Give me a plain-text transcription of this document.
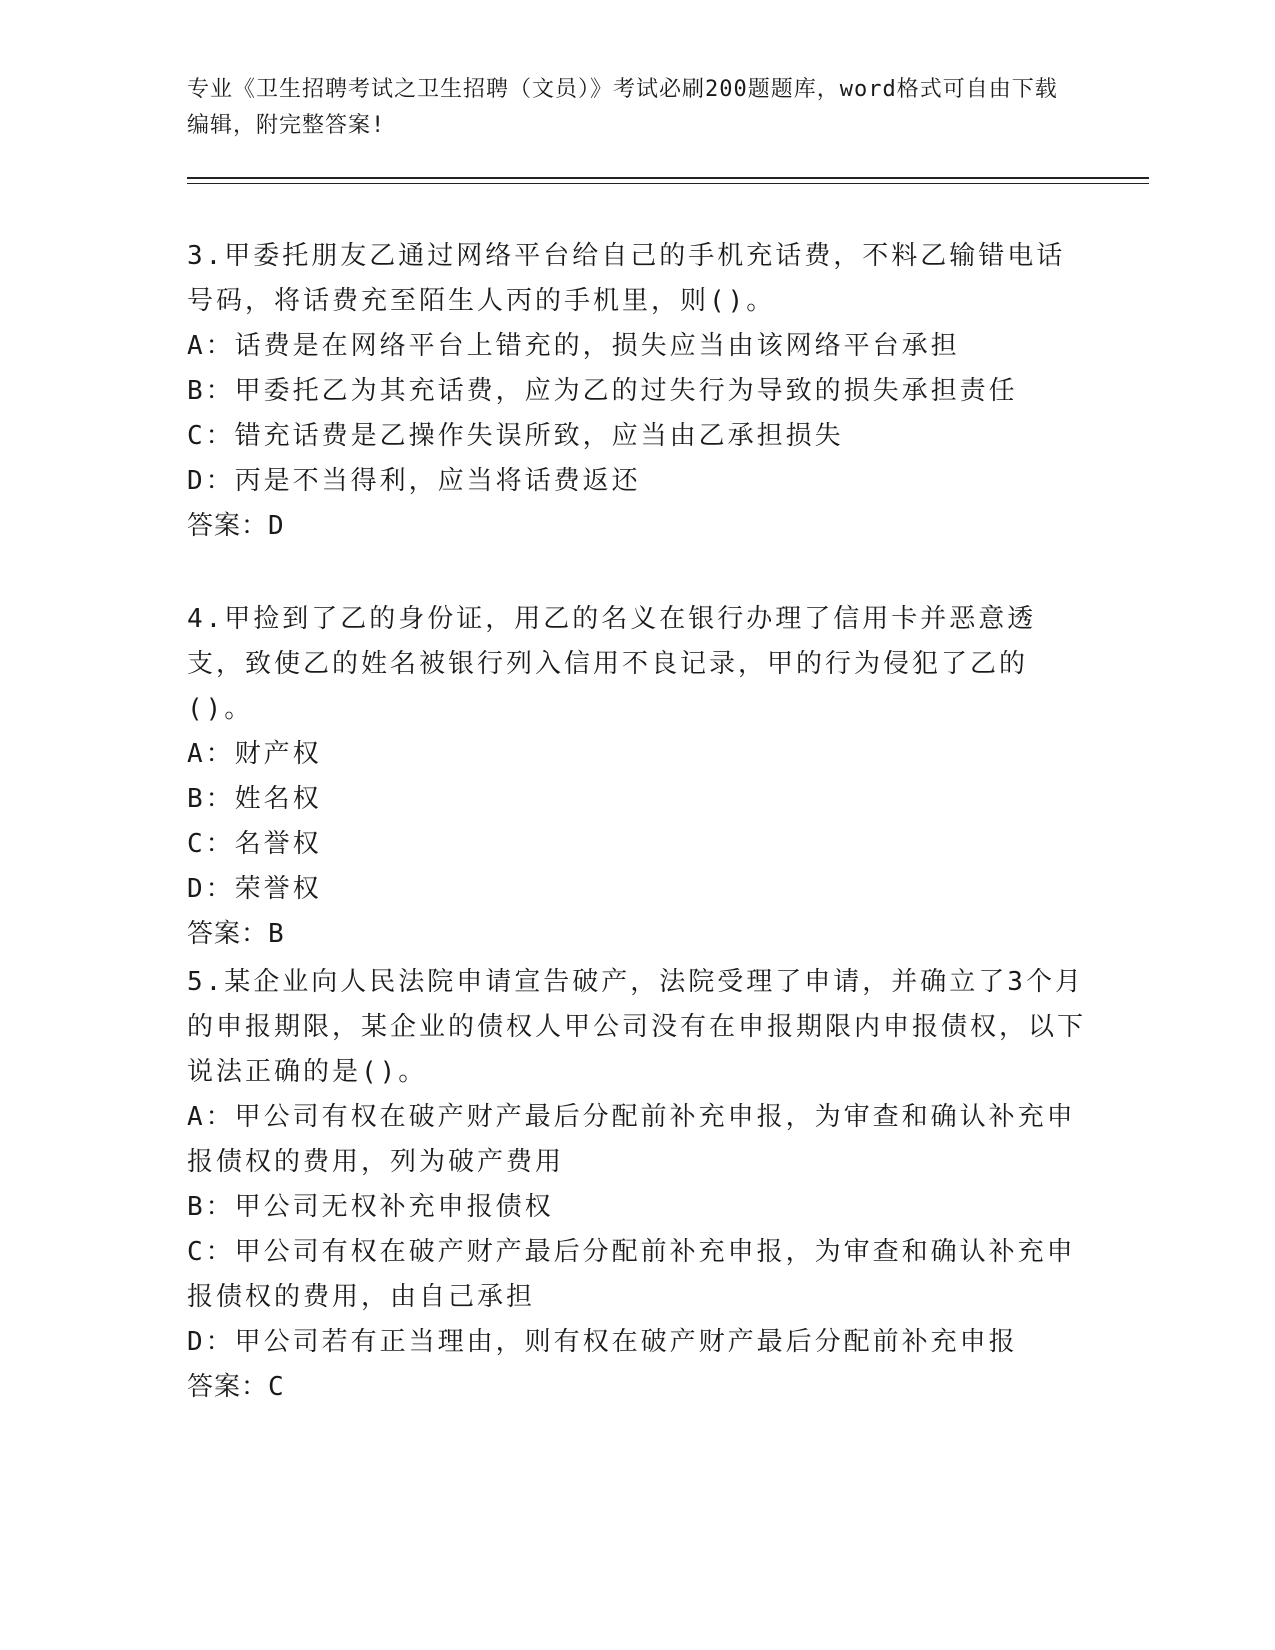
专业《卫生招聘考试之卫生招聘（文员）》考试必刷200题题库，word格式可自由下载编辑，附完整答案!

3.甲委托朋友乙通过网络平台给自己的手机充话费，不料乙输错电话号码，将话费充至陌生人丙的手机里，则()。

A：话费是在网络平台上错充的，损失应当由该网络平台承担

B：甲委托乙为其充话费，应为乙的过失行为导致的损失承担责任

C：错充话费是乙操作失误所致，应当由乙承担损失

D：丙是不当得利，应当将话费返还

答案：D

4.甲捡到了乙的身份证，用乙的名义在银行办理了信用卡并恶意透支，致使乙的姓名被银行列入信用不良记录，甲的行为侵犯了乙的()。

A：财产权

B：姓名权

C：名誉权

D：荣誉权

答案：B

5.某企业向人民法院申请宣告破产，法院受理了申请，并确立了3个月的申报期限，某企业的债权人甲公司没有在申报期限内申报债权，以下说法正确的是()。

A：甲公司有权在破产财产最后分配前补充申报，为审查和确认补充申报债权的费用，列为破产费用

B：甲公司无权补充申报债权

C：甲公司有权在破产财产最后分配前补充申报，为审查和确认补充申报债权的费用，由自己承担

D：甲公司若有正当理由，则有权在破产财产最后分配前补充申报

答案：C
